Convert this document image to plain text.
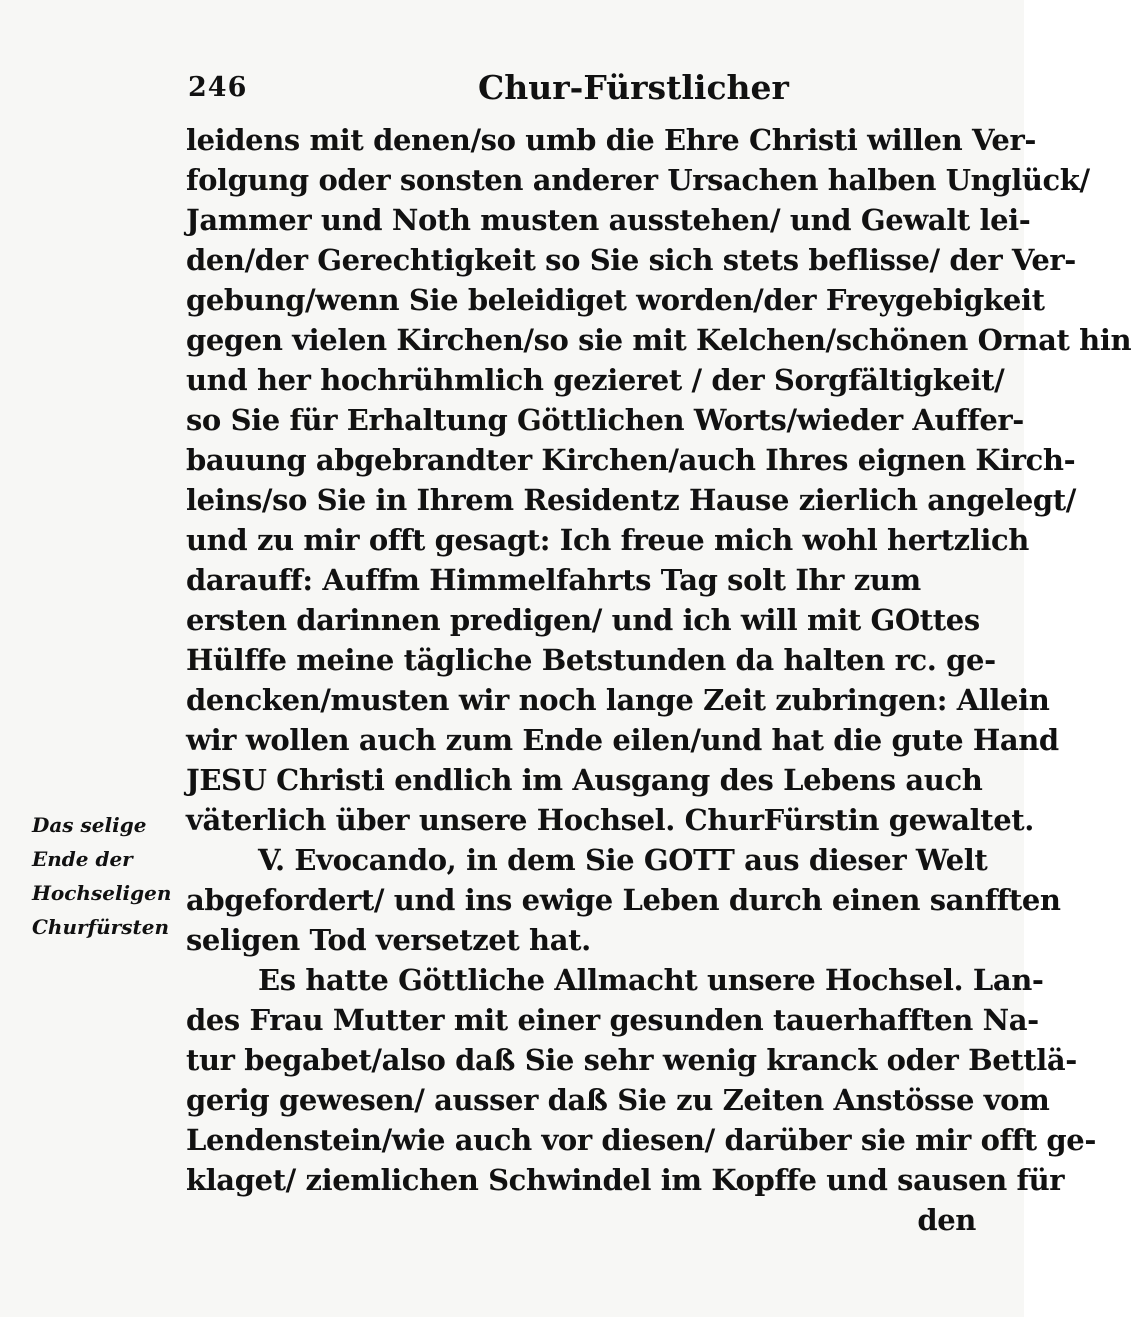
246	Chur-Fürstlicher
leidens mit denen/so umb die Ehre Christi willen Ver-
folgung oder sonsten anderer Ursachen halben Unglück/
Jammer und Noth musten ausstehen/ und Gewalt lei-
den/der Gerechtigkeit so Sie sich stets beflisse/ der Ver-
gebung/wenn Sie beleidiget worden/der Freygebigkeit
gegen vielen Kirchen/so sie mit Kelchen/schönen Ornat hin
und her hochrühmlich gezieret / der Sorgfältigkeit/
so Sie für Erhaltung Göttlichen Worts/wieder Auffer-
bauung abgebrandter Kirchen/auch Ihres eignen Kirch-
leins/so Sie in Ihrem Residentz Hause zierlich angelegt/
und zu mir offt gesagt: Ich freue mich wohl hertzlich
darauff: Auffm Himmelfahrts Tag solt Ihr zum
ersten darinnen predigen/ und ich will mit GOttes
Hülffe meine tägliche Betstunden da halten rc. ge-
dencken/musten wir noch lange Zeit zubringen: Allein
wir wollen auch zum Ende eilen/und hat die gute Hand
JESU Christi endlich im Ausgang des Lebens auch
väterlich über unsere Hochsel. ChurFürstin gewaltet.
V. Evocando, in dem Sie GOTT aus dieser Welt
abgefordert/ und ins ewige Leben durch einen sanfften
seligen Tod versetzet hat.
Es hatte Göttliche Allmacht unsere Hochsel. Lan-
des Frau Mutter mit einer gesunden tauerhafften Na-
tur begabet/also daß Sie sehr wenig kranck oder Bettlä-
gerig gewesen/ ausser daß Sie zu Zeiten Anstösse vom
Lendenstein/wie auch vor diesen/ darüber sie mir offt ge-
klaget/ ziemlichen Schwindel im Kopffe und sausen für
den
Das selige
Ende der
Hochseligen
Churfürsten
